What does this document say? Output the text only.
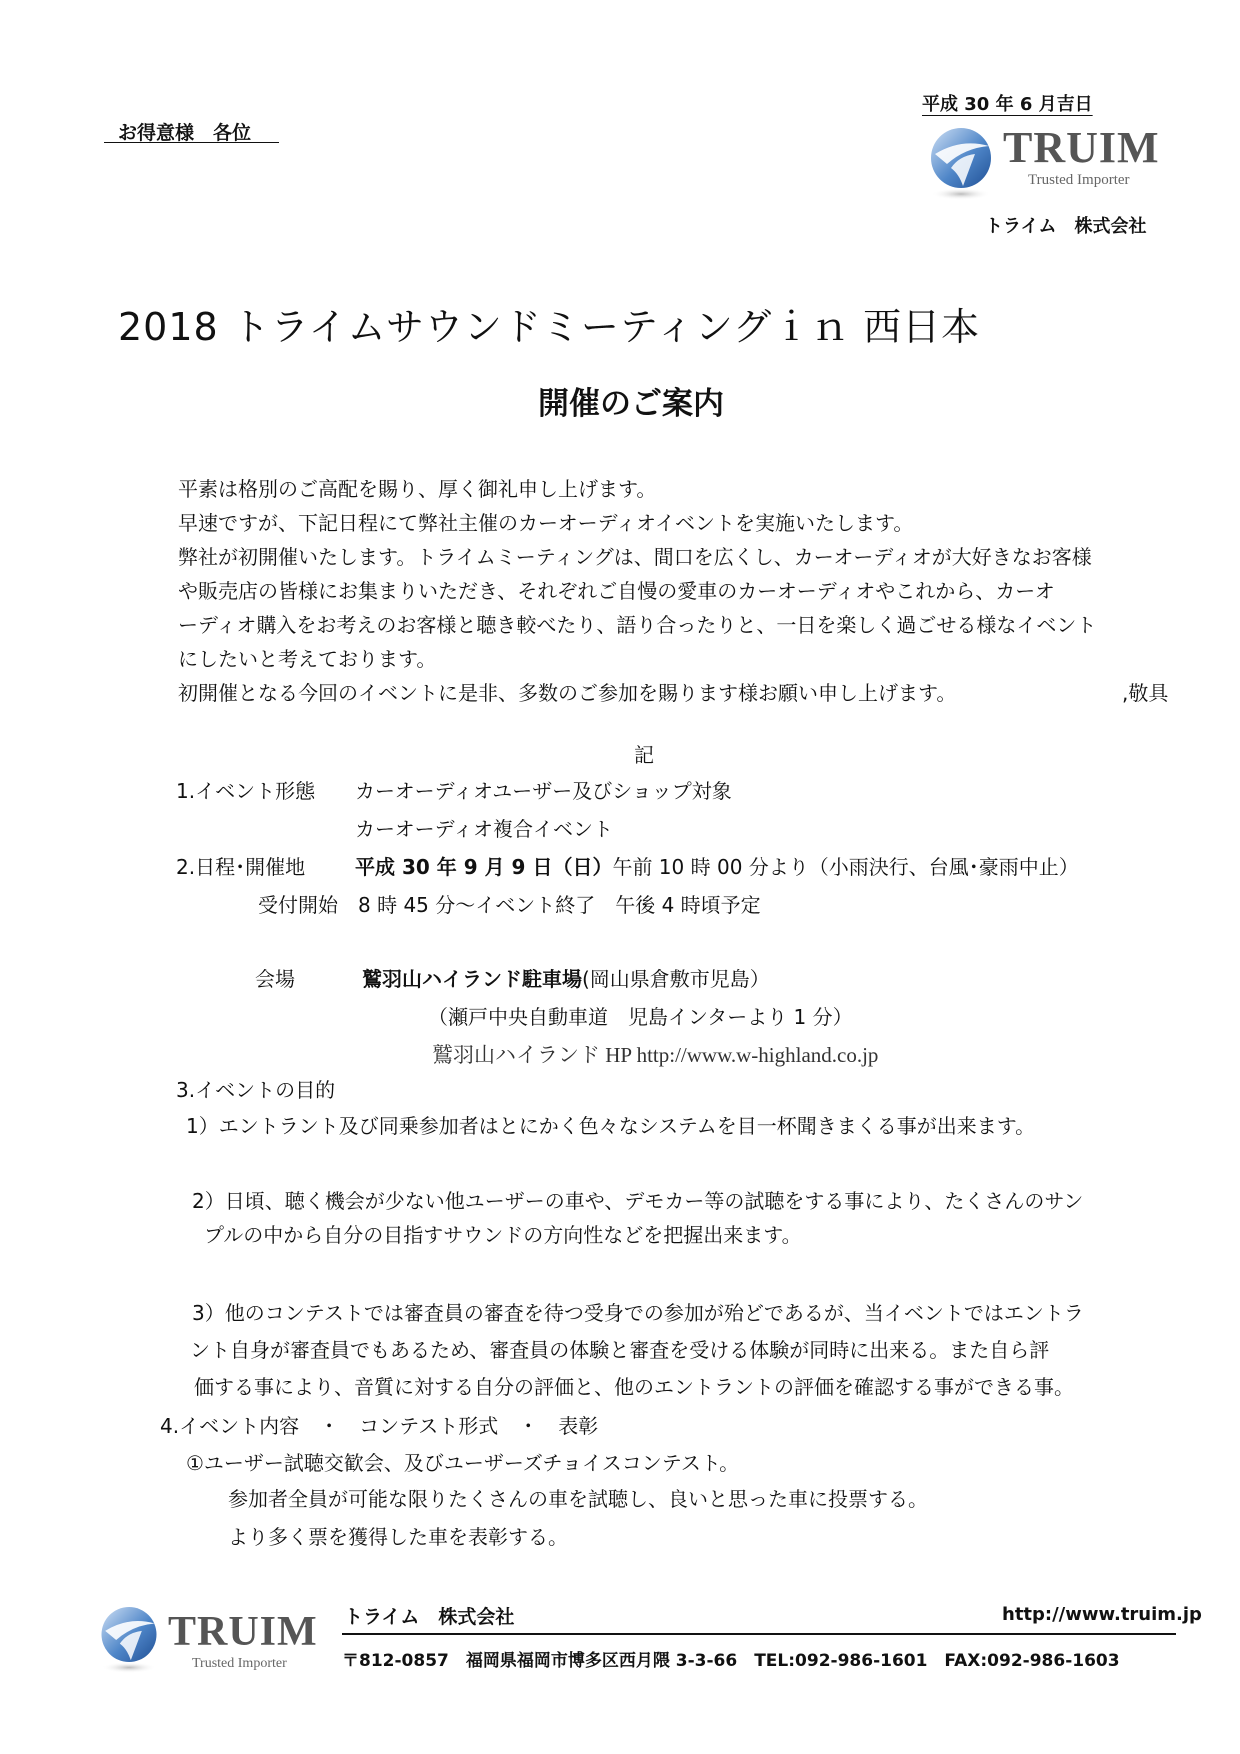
平成 30 年 6 月吉日
お得意様　各位	TRUIM
Trusted Importer
トライム　株式会社
2018 トライムサウンドミーティングｉｎ 西日本
開催のご案内
平素は格別のご高配を賜り、厚く御礼申し上げます。
早速ですが、下記日程にて弊社主催のカーオーディオイベントを実施いたします。
弊社が初開催いたします。トライムミーティングは、間口を広くし、カーオーディオが大好きなお客様
や販売店の皆様にお集まりいただき、それぞれご自慢の愛車のカーオーディオやこれから、カーオ
ーディオ購入をお考えのお客様と聴き較べたり、語り合ったりと、一日を楽しく過ごせる様なイベント
にしたいと考えております。
初開催となる今回のイベントに是非、多数のご参加を賜ります様お願い申し上げます。	,敬具
記
1.イベント形態 カーオーディオユーザー及びショップ対象
カーオーディオ複合イベント
2.日程･開催地 平成 30 年 9 月 9 日（日）午前 10 時 00 分より（小雨決行、台風･豪雨中止）
受付開始　8 時 45 分～イベント終了　午後 4 時頃予定
会場	鷲羽山ハイランド駐車場(岡山県倉敷市児島）
（瀬戸中央自動車道　児島インターより 1 分）
鷲羽山ハイランド HP http://www.w-highland.co.jp
3.イベントの目的
1）エントラント及び同乗参加者はとにかく色々なシステムを目一杯聞きまくる事が出来ます。
2）日頃、聴く機会が少ない他ユーザーの車や、デモカー等の試聴をする事により、たくさんのサン
プルの中から自分の目指すサウンドの方向性などを把握出来ます。
3）他のコンテストでは審査員の審査を待つ受身での参加が殆どであるが、当イベントではエントラ
ント自身が審査員でもあるため、審査員の体験と審査を受ける体験が同時に出来る。また自ら評
価する事により、音質に対する自分の評価と、他のエントラントの評価を確認する事ができる事。
4.イベント内容　・　コンテスト形式　・　表彰
①ユーザー試聴交歓会、及びユーザーズチョイスコンテスト。
参加者全員が可能な限りたくさんの車を試聴し、良いと思った車に投票する。
より多く票を獲得した車を表彰する。
TRUIM
Trusted Importer
トライム　株式会社	http://www.truim.jp
〒812-0857　福岡県福岡市博多区西月隈 3-3-66　TEL:092-986-1601　FAX:092-986-1603
